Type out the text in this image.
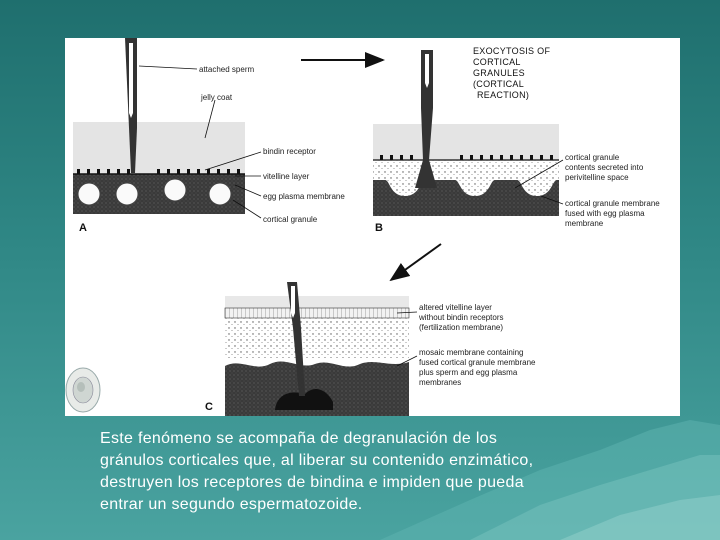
A
attached sperm
jelly coat
bindin receptor
vitelline layer
egg plasma membrane
cortical granule
B
EXOCYTOSIS OF
CORTICAL
GRANULES
(CORTICAL
REACTION)
cortical granule
contents secreted into
perivitelline space
cortical granule membrane
fused with egg plasma
membrane
C
altered vitelline layer
without bindin receptors
(fertilization membrane)
mosaic membrane containing
fused cortical granule membrane
plus sperm and egg plasma
membranes
Este fenómeno se acompaña de degranulación de los
gránulos corticales que, al liberar su contenido enzimático,
destruyen los receptores de bindina e impiden que pueda
entrar un segundo espermatozoide.
